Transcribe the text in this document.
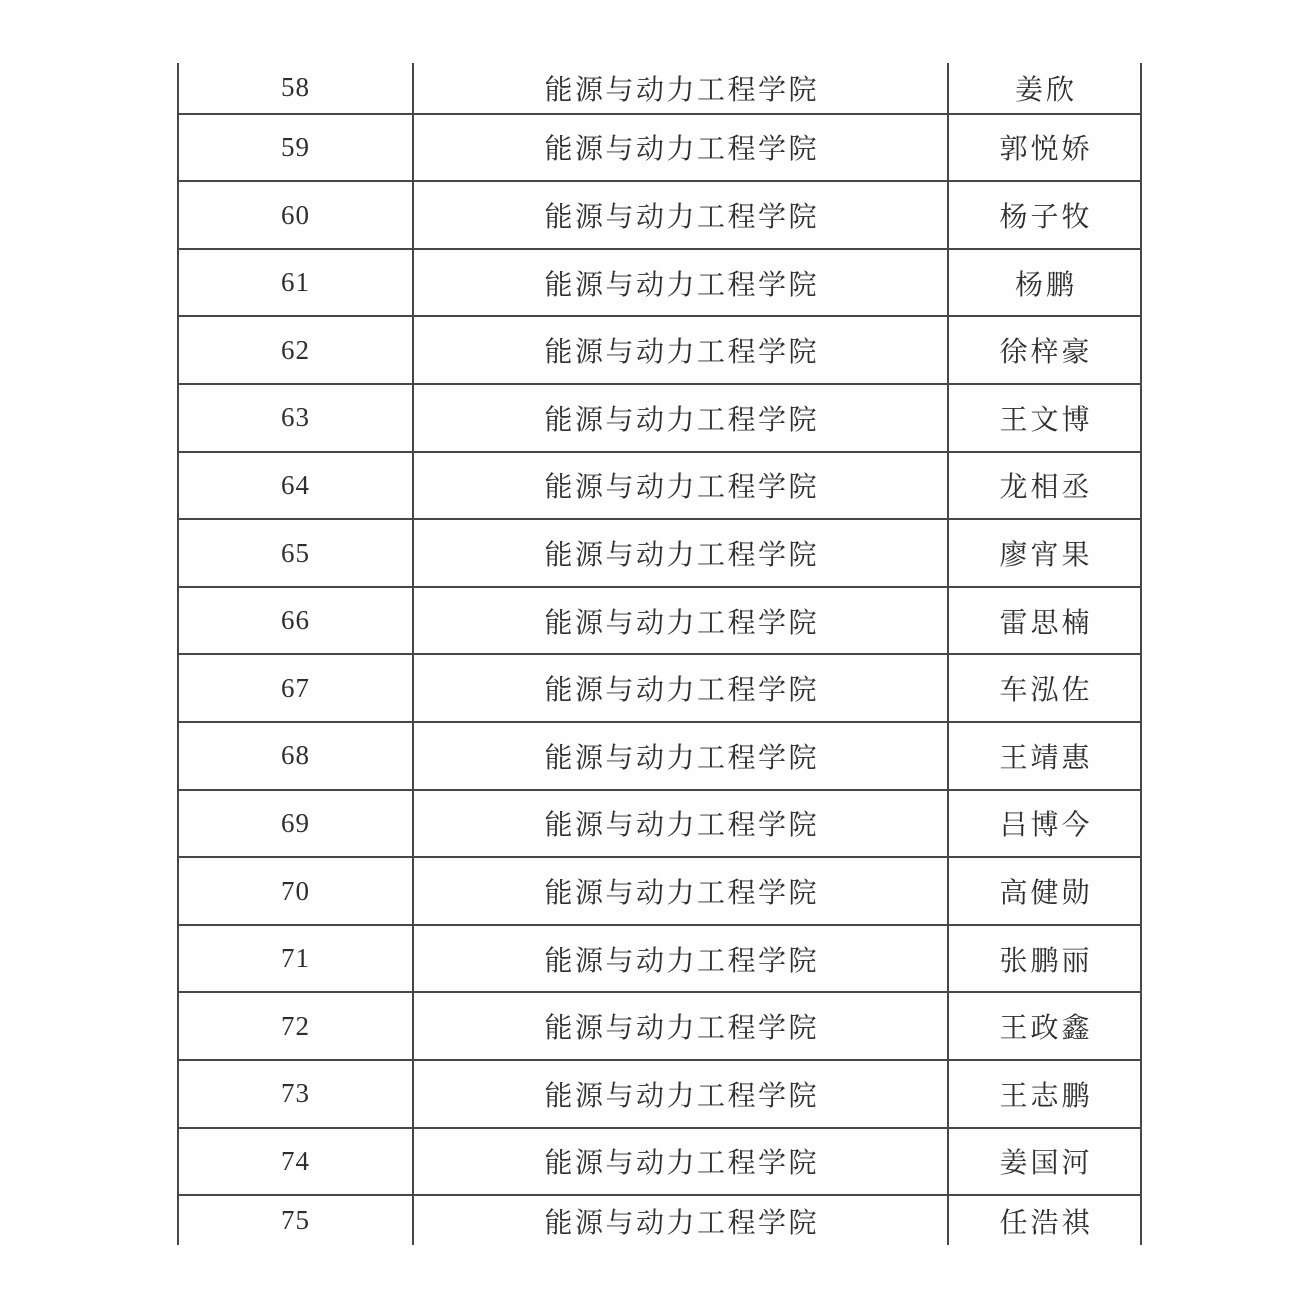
58	能源与动力工程学院	姜欣
59	能源与动力工程学院	郭悦娇
60	能源与动力工程学院	杨子牧
61	能源与动力工程学院	杨鹏
62	能源与动力工程学院	徐梓豪
63	能源与动力工程学院	王文博
64	能源与动力工程学院	龙相丞
65	能源与动力工程学院	廖宵果
66	能源与动力工程学院	雷思楠
67	能源与动力工程学院	车泓佐
68	能源与动力工程学院	王靖惠
69	能源与动力工程学院	吕博今
70	能源与动力工程学院	高健勋
71	能源与动力工程学院	张鹏丽
72	能源与动力工程学院	王政鑫
73	能源与动力工程学院	王志鹏
74	能源与动力工程学院	姜国河
75	能源与动力工程学院	任浩祺
